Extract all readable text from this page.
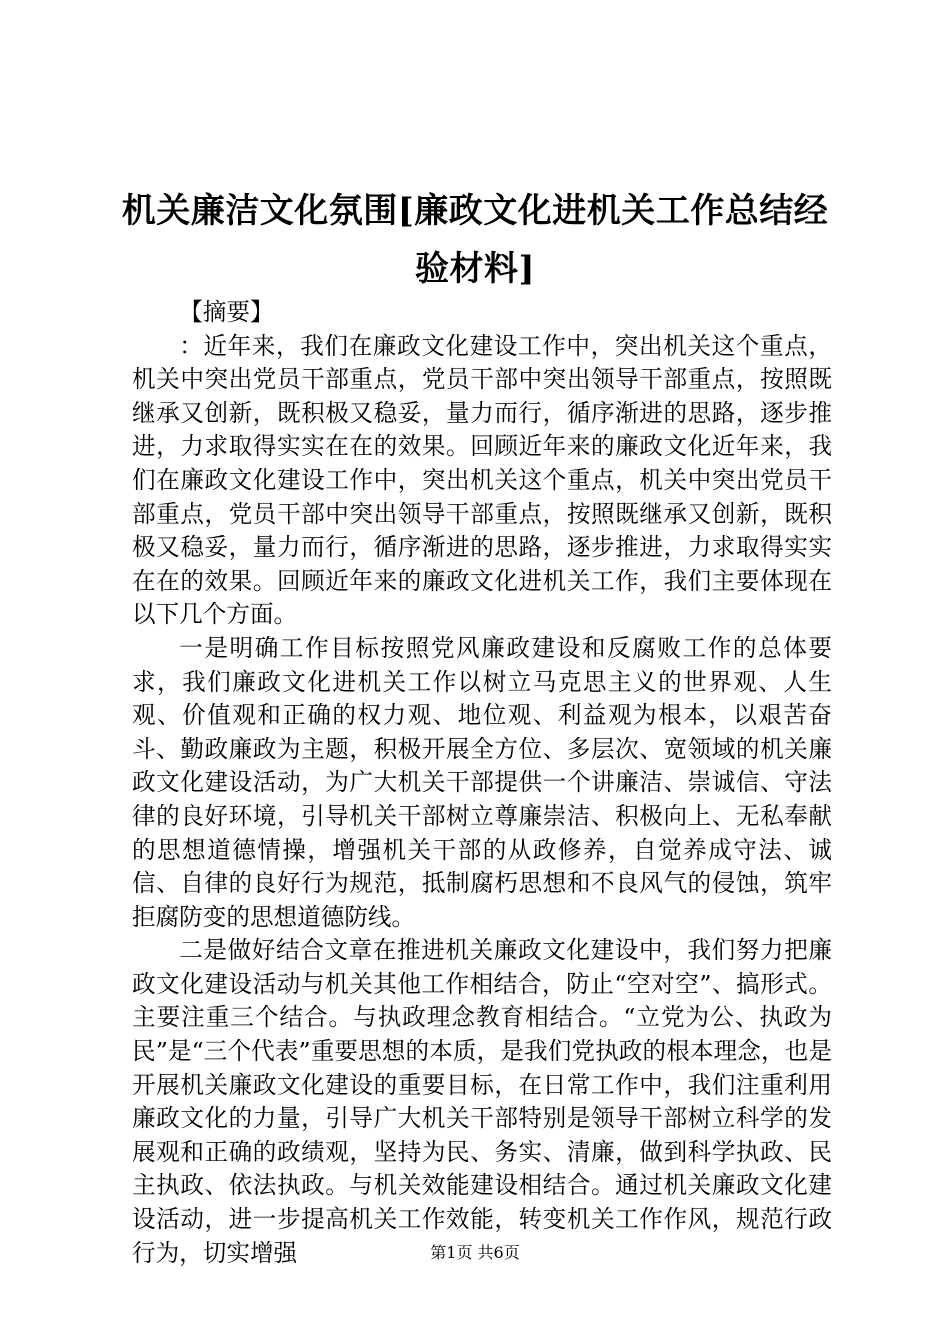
机关廉洁文化氛围[廉政文化进机关工作总结经验材料]

【摘要】

：近年来，我们在廉政文化建设工作中，突出机关这个重点，机关中突出党员干部重点，党员干部中突出领导干部重点，按照既继承又创新，既积极又稳妥，量力而行，循序渐进的思路，逐步推进，力求取得实实在在的效果。回顾近年来的廉政文化近年来，我们在廉政文化建设工作中，突出机关这个重点，机关中突出党员干部重点，党员干部中突出领导干部重点，按照既继承又创新，既积极又稳妥，量力而行，循序渐进的思路，逐步推进，力求取得实实在在的效果。回顾近年来的廉政文化进机关工作，我们主要体现在以下几个方面。

一是明确工作目标按照党风廉政建设和反腐败工作的总体要求，我们廉政文化进机关工作以树立马克思主义的世界观、人生观、价值观和正确的权力观、地位观、利益观为根本，以艰苦奋斗、勤政廉政为主题，积极开展全方位、多层次、宽领域的机关廉政文化建设活动，为广大机关干部提供一个讲廉洁、崇诚信、守法律的良好环境，引导机关干部树立尊廉崇洁、积极向上、无私奉献的思想道德情操，增强机关干部的从政修养，自觉养成守法、诚信、自律的良好行为规范，抵制腐朽思想和不良风气的侵蚀，筑牢拒腐防变的思想道德防线。

二是做好结合文章在推进机关廉政文化建设中，我们努力把廉政文化建设活动与机关其他工作相结合，防止“空对空”、搞形式。主要注重三个结合。与执政理念教育相结合。“立党为公、执政为民”是“三个代表”重要思想的本质，是我们党执政的根本理念，也是开展机关廉政文化建设的重要目标，在日常工作中，我们注重利用廉政文化的力量，引导广大机关干部特别是领导干部树立科学的发展观和正确的政绩观，坚持为民、务实、清廉，做到科学执政、民主执政、依法执政。与机关效能建设相结合。通过机关廉政文化建设活动，进一步提高机关工作效能，转变机关工作作风，规范行政行为，切实增强	第1页 共6页
